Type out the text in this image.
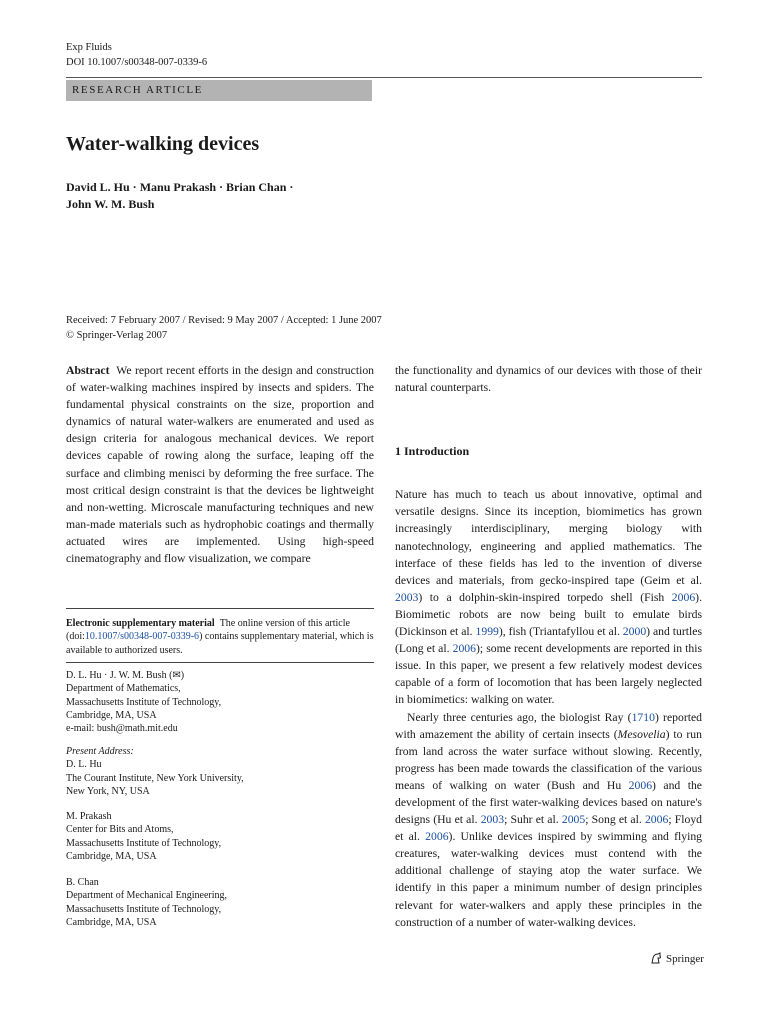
Exp Fluids
DOI 10.1007/s00348-007-0339-6
RESEARCH ARTICLE
Water-walking devices
David L. Hu · Manu Prakash · Brian Chan ·
John W. M. Bush
Received: 7 February 2007 / Revised: 9 May 2007 / Accepted: 1 June 2007
© Springer-Verlag 2007

Abstract We report recent efforts in the design and construction of water-walking machines inspired by insects and spiders. The fundamental physical constraints on the size, proportion and dynamics of natural water-walkers are enumerated and used as design criteria for analogous mechanical devices. We report devices capable of rowing along the surface, leaping off the surface and climbing menisci by deforming the free surface. The most critical design constraint is that the devices be lightweight and non-wetting. Microscale manufacturing techniques and new man-made materials such as hydrophobic coatings and thermally actuated wires are implemented. Using high-speed cinematography and flow visualization, we compare

Electronic supplementary material The online version of this article (doi:10.1007/s00348-007-0339-6) contains supplementary material, which is available to authorized users.
D. L. Hu · J. W. M. Bush (✉)
Department of Mathematics,
Massachusetts Institute of Technology,
Cambridge, MA, USA
e-mail: bush@math.mit.edu
Present Address:
D. L. Hu
The Courant Institute, New York University,
New York, NY, USA
M. Prakash
Center for Bits and Atoms,
Massachusetts Institute of Technology,
Cambridge, MA, USA
B. Chan
Department of Mechanical Engineering,
Massachusetts Institute of Technology,
Cambridge, MA, USA

the functionality and dynamics of our devices with those of their natural counterparts.

1 Introduction

Nature has much to teach us about innovative, optimal and versatile designs. Since its inception, biomimetics has grown increasingly interdisciplinary, merging biology with nanotechnology, engineering and applied mathematics. The interface of these fields has led to the invention of diverse devices and materials, from gecko-inspired tape (Geim et al. 2003) to a dolphin-skin-inspired torpedo shell (Fish 2006). Biomimetic robots are now being built to emulate birds (Dickinson et al. 1999), fish (Triantafyllou et al. 2000) and turtles (Long et al. 2006); some recent developments are reported in this issue. In this paper, we present a few relatively modest devices capable of a form of locomotion that has been largely neglected in biomimetics: walking on water.

Nearly three centuries ago, the biologist Ray (1710) reported with amazement the ability of certain insects (Mesovelia) to run from land across the water surface without slowing. Recently, progress has been made towards the classification of the various means of walking on water (Bush and Hu 2006) and the development of the first water-walking devices based on nature's designs (Hu et al. 2003; Suhr et al. 2005; Song et al. 2006; Floyd et al. 2006). Unlike devices inspired by swimming and flying creatures, water-walking devices must contend with the additional challenge of staying atop the water surface. We identify in this paper a minimum number of design principles relevant for water-walkers and apply these principles in the construction of a number of water-walking devices.

Springer
